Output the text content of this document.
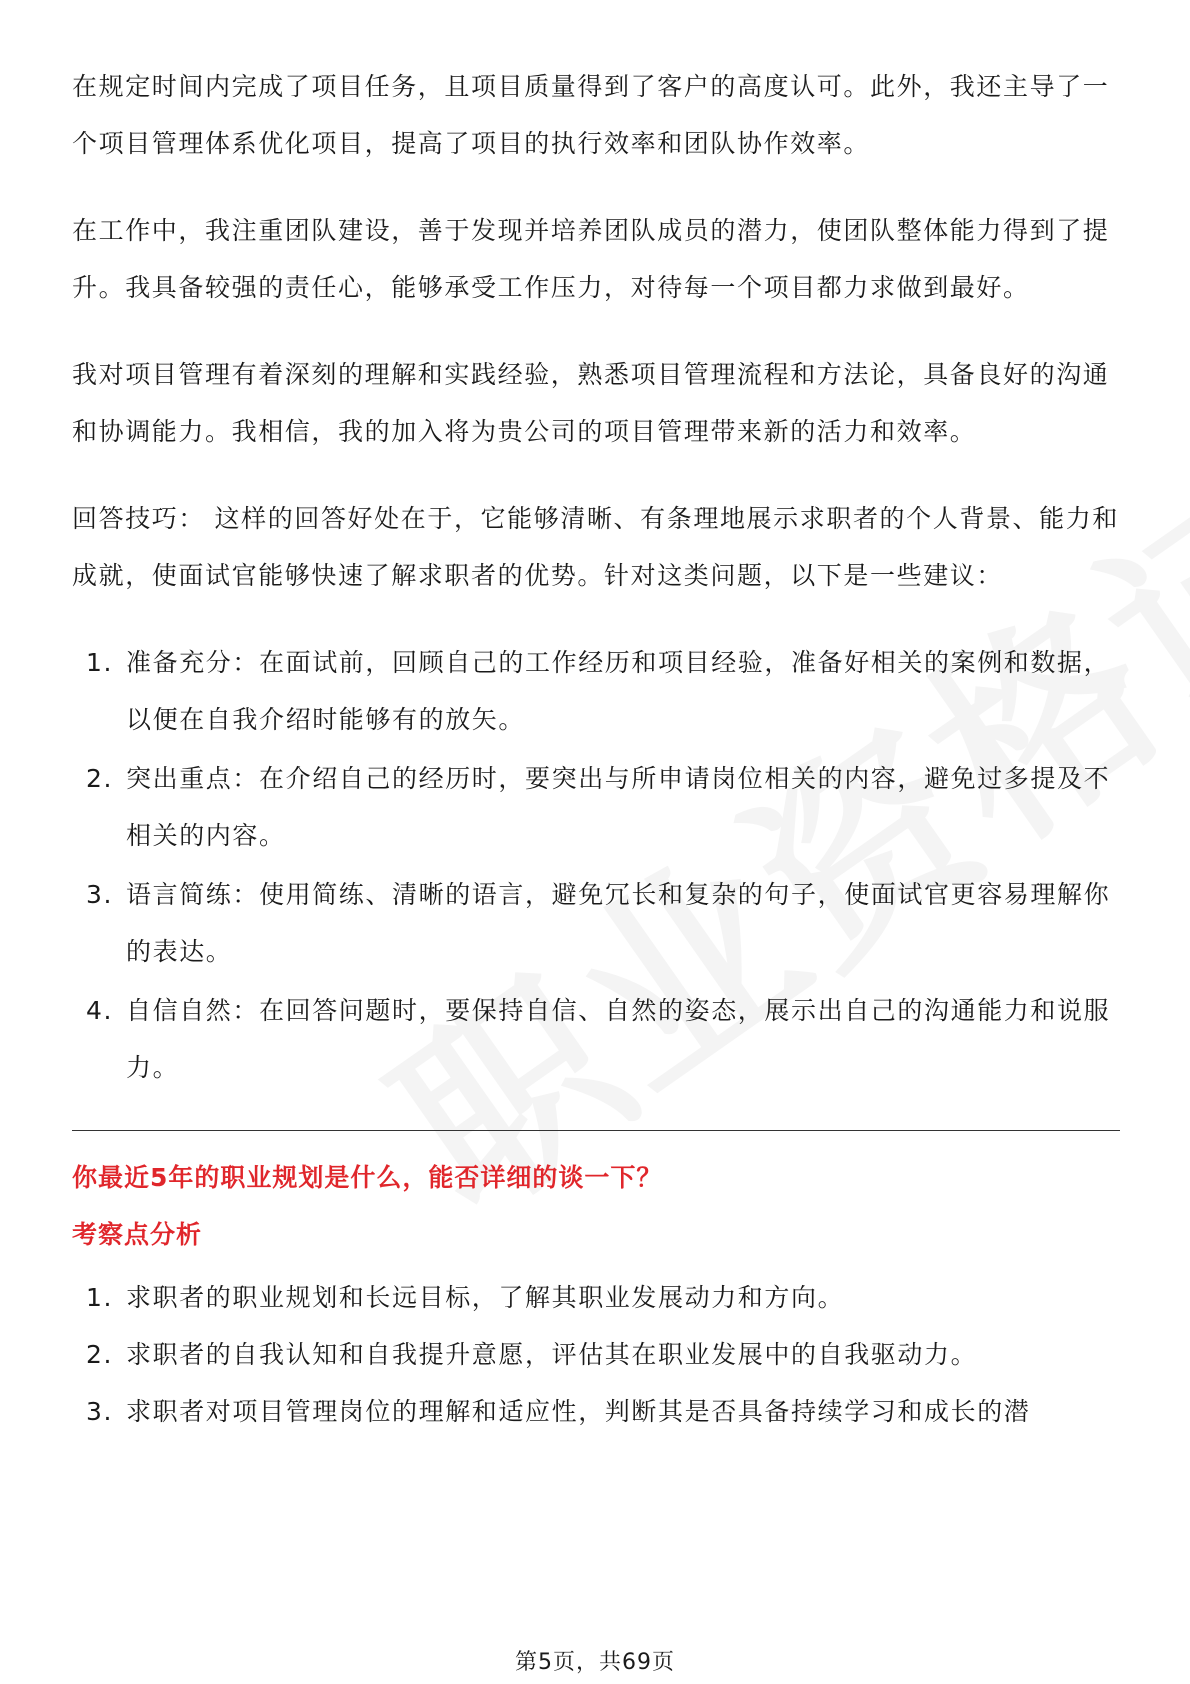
在规定时间内完成了项目任务，且项目质量得到了客户的高度认可。此外，我还主导了一个项目管理体系优化项目，提高了项目的执行效率和团队协作效率。

在工作中，我注重团队建设，善于发现并培养团队成员的潜力，使团队整体能力得到了提升。我具备较强的责任心，能够承受工作压力，对待每一个项目都力求做到最好。

我对项目管理有着深刻的理解和实践经验，熟悉项目管理流程和方法论，具备良好的沟通和协调能力。我相信，我的加入将为贵公司的项目管理带来新的活力和效率。

回答技巧： 这样的回答好处在于，它能够清晰、有条理地展示求职者的个人背景、能力和成就，使面试官能够快速了解求职者的优势。针对这类问题，以下是一些建议：

1. 准备充分：在面试前，回顾自己的工作经历和项目经验，准备好相关的案例和数据，以便在自我介绍时能够有的放矢。
2. 突出重点：在介绍自己的经历时，要突出与所申请岗位相关的内容，避免过多提及不相关的内容。
3. 语言简练：使用简练、清晰的语言，避免冗长和复杂的句子，使面试官更容易理解你的表达。
4. 自信自然：在回答问题时，要保持自信、自然的姿态，展示出自己的沟通能力和说服力。

你最近5年的职业规划是什么，能否详细的谈一下？

考察点分析

1. 求职者的职业规划和长远目标，了解其职业发展动力和方向。
2. 求职者的自我认知和自我提升意愿，评估其在职业发展中的自我驱动力。
3. 求职者对项目管理岗位的理解和适应性，判断其是否具备持续学习和成长的潜
第5页，共69页
